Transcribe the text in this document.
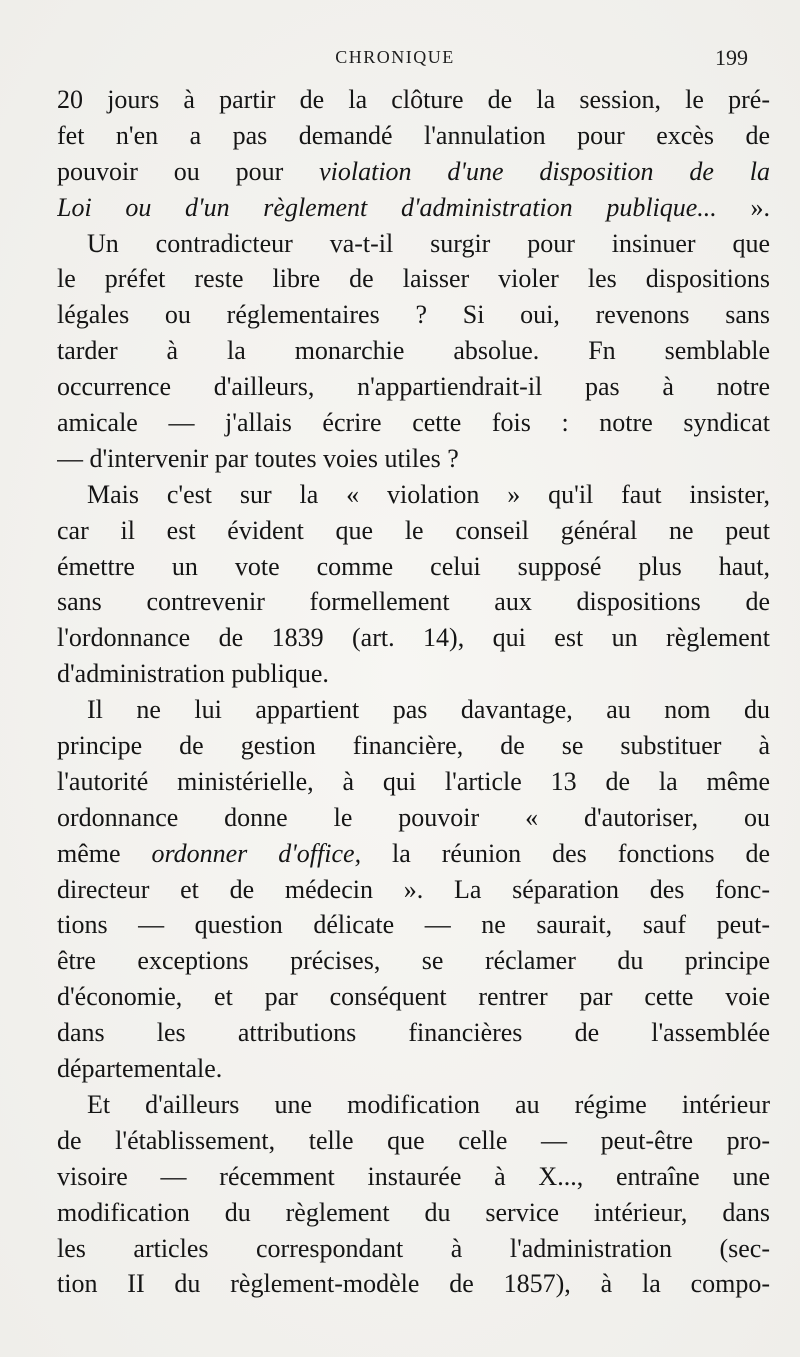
CHRONIQUE	199
20 jours à partir de la clôture de la session, le pré-
fet n'en a pas demandé l'annulation pour excès de
pouvoir ou pour violation d'une disposition de la
Loi ou d'un règlement d'administration publique... ».
Un contradicteur va-t-il surgir pour insinuer que
le préfet reste libre de laisser violer les dispositions
légales ou réglementaires ? Si oui, revenons sans
tarder à la monarchie absolue. Fn semblable
occurrence d'ailleurs, n'appartiendrait-il pas à notre
amicale — j'allais écrire cette fois : notre syndicat
— d'intervenir par toutes voies utiles ?
Mais c'est sur la « violation » qu'il faut insister,
car il est évident que le conseil général ne peut
émettre un vote comme celui supposé plus haut,
sans contrevenir formellement aux dispositions de
l'ordonnance de 1839 (art. 14), qui est un règlement
d'administration publique.
Il ne lui appartient pas davantage, au nom du
principe de gestion financière, de se substituer à
l'autorité ministérielle, à qui l'article 13 de la même
ordonnance donne le pouvoir « d'autoriser, ou
même ordonner d'office, la réunion des fonctions de
directeur et de médecin ». La séparation des fonc-
tions — question délicate — ne saurait, sauf peut-
être exceptions précises, se réclamer du principe
d'économie, et par conséquent rentrer par cette voie
dans les attributions financières de l'assemblée
départementale.
Et d'ailleurs une modification au régime intérieur
de l'établissement, telle que celle — peut-être pro-
visoire — récemment instaurée à X..., entraîne une
modification du règlement du service intérieur, dans
les articles correspondant à l'administration (sec-
tion II du règlement-modèle de 1857), à la compo-
